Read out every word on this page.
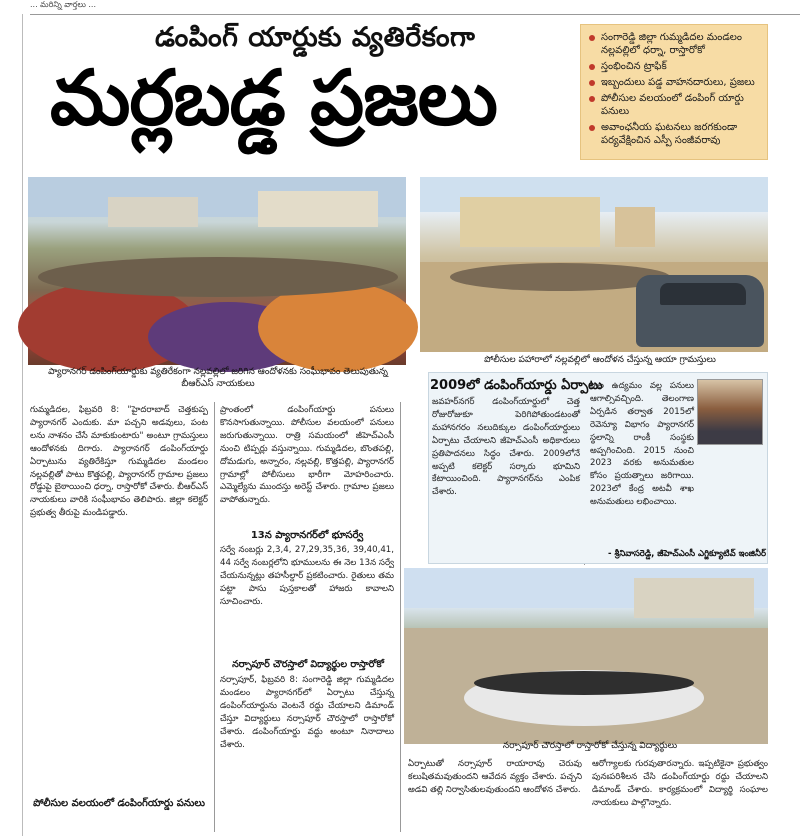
... మరిన్ని వార్తలు ...
డంపింగ్ యార్డుకు వ్యతిరేకంగా
మర్లబడ్డ ప్రజలు
సంగారెడ్డి జిల్లా గుమ్మడిదల మండలం నల్లవల్లిలో ధర్నా, రాస్తారోకో
స్తంభించిన ట్రాఫిక్
ఇబ్బందులు పడ్డ వాహనదారులు, ప్రజలు
పోలీసుల వలయంలో డంపింగ్ యార్డు పనులు
అవాంఛనీయ ఘటనలు జరగకుండా పర్యవేక్షించిన ఎస్పీ సంజీవరావు
ప్యారానగర్ డంపింగ్‌యార్డుకు వ్యతిరేకంగా నల్లవల్లిలో జరిగిన ఆందోళనకు సంఘీభావం తెలుపుతున్న బీఆర్‌ఎస్ నాయకులు
పోలీసుల పహారాలో నల్లవల్లిలో ఆందోళన చేస్తున్న ఆయా గ్రామస్తులు

గుమ్మడిదల, ఫిబ్రవరి 8: "హైదరాబాద్ చెత్తకుప్ప ప్యారానగర్ ఎందుకు. మా పచ్చని అడవులు, పంట లను నాశనం చేసే మాకుకుంటారు" అంటూ గ్రామస్తులు ఆందోళనకు దిగారు. ప్యారానగర్ డంపింగ్‌యార్డు ఏర్పాటును వ్యతిరేకిస్తూ గుమ్మడిదల మండలం నల్లవల్లితో పాటు కొత్తపల్లి, ప్యారానగర్ గ్రామాల ప్రజలు రోడ్డుపై బైఠాయించి ధర్నా, రాస్తారోకో చేశారు. బీఆర్ఎస్ నాయకులు వారికి సంఘీభావం తెలిపారు. జిల్లా కలెక్టర్ ప్రభుత్వ తీరుపై మండిపడ్డారు.

పోలీసుల వలయంలో డంపింగ్‌యార్డు పనులు

ప్రాంతంలో డంపింగ్‌యార్డు పనులు కొనసాగుతున్నాయి. పోలీసుల వలయంలో పనులు జరుగుతున్నాయి. రాత్రి సమయంలో జీహెచ్ఎంసీ నుంచి టిప్పర్లు వస్తున్నాయి. గుమ్మడిదల, బొంతపల్లి, దోమడుగు, అన్నారం, నల్లవల్లి, కొత్తపల్లి, ప్యారానగర్ గ్రామాల్లో పోలీసులు భారీగా మోహరించారు. ఎమ్మెల్యేను ముందస్తు అరెస్ట్ చేశారు. గ్రామాల ప్రజలు వాపోతున్నారు.

13న ప్యారానగర్‌లో భూసర్వే

సర్వే నంబర్లు 2,3,4, 27,29,35,36, 39,40,41, 44 సర్వే నంబర్లలోని భూములను ఈ నెల 13న సర్వే చేయనున్నట్లు తహసీల్దార్ ప్రకటించారు. రైతులు తమ పట్టా పాసు పుస్తకాలతో హాజరు కావాలని సూచించారు.

నర్సాపూర్ చౌరస్తాలో విద్యార్థుల రాస్తారోకో

నర్సాపూర్, ఫిబ్రవరి 8: సంగారెడ్డి జిల్లా గుమ్మడిదల మండలం ప్యారానగర్‌లో ఏర్పాటు చేస్తున్న డంపింగ్‌యార్డును వెంటనే రద్దు చేయాలని డిమాండ్ చేస్తూ విద్యార్థులు నర్సాపూర్ చౌరస్తాలో రాస్తారోకో చేశారు. డంపింగ్‌యార్డు వద్దు అంటూ నినాదాలు చేశారు.

2009లో డంపింగ్‌యార్డు ఏర్పాటు

జవహర్‌నగర్ డంపింగ్‌యార్డులో చెత్త రోజురోజుకూ పెరిగిపోతుండటంతో మహానగరం నలుదిక్కుల డంపింగ్‌యార్డులు ఏర్పాటు చేయాలని జీహెచ్ఎంసీ అధికారులు ప్రతిపాదనలు సిద్ధం చేశారు. 2009లోనే అప్పటి కలెక్టర్ సర్కారు భూమిని కేటాయించింది. ప్యారానగర్‌ను ఎంపిక చేశారు.

గాల ఉద్యమం వల్ల పనులు ఆగాల్సివచ్చింది. తెలంగాణ ఏర్పడిన తర్వాత 2015లో రెవెన్యూ విభాగం ప్యారానగర్ స్థలాన్ని రాంకీ సంస్థకు అప్పగించింది. 2015 నుంచి 2023 వరకు అనుమతుల కోసం ప్రయత్నాలు జరిగాయి. 2023లో కేంద్ర అటవీ శాఖ అనుమతులు లభించాయి.

- శ్రీనివాసరెడ్డి, జీహెచ్ఎంసీ ఎగ్జిక్యూటివ్ ఇంజినీర్
నర్సాపూర్ చౌరస్తాలో రాస్తారోకో చేస్తున్న విద్యార్థులు

ఏర్పాటుతో నర్సాపూర్ రాయారావు చెరువు కలుషితమవుతుందని ఆవేదన వ్యక్తం చేశారు. పచ్చని అడవి తల్లి నిర్వాసితులవుతుందని ఆందోళన చేశారు.

ఆరోగ్యాలకు గురవుతారన్నారు. ఇప్పటికైనా ప్రభుత్వం పునఃపరిశీలన చేసి డంపింగ్‌యార్డు రద్దు చేయాలని డిమాండ్ చేశారు. కార్యక్రమంలో విద్యార్థి సంఘాల నాయకులు పాల్గొన్నారు.
